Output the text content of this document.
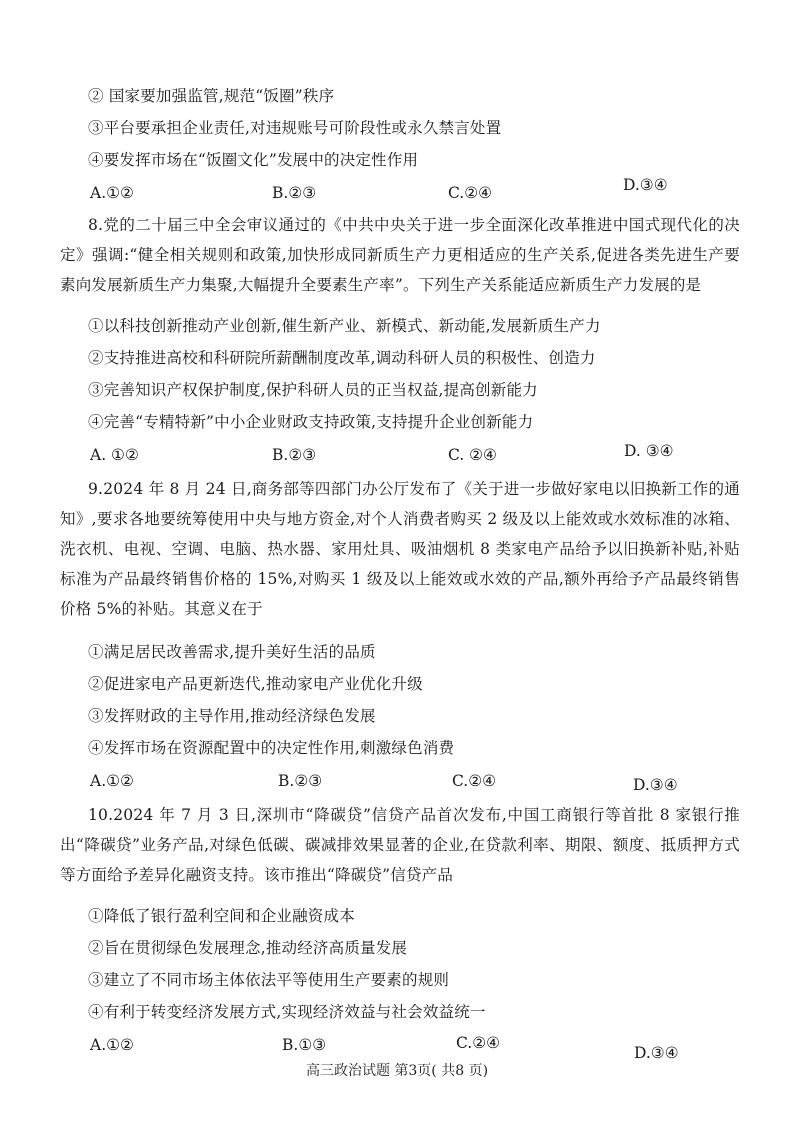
② 国家要加强监管,规范“饭圈”秩序
③平台要承担企业责任,对违规账号可阶段性或永久禁言处置
④要发挥市场在“饭圈文化”发展中的决定性作用
A.①②	B.②③	C.②④	D.③④
8.党的二十届三中全会审议通过的《中共中央关于进一步全面深化改革推进中国式现代化的决定》强调:“健全相关规则和政策,加快形成同新质生产力更相适应的生产关系,促进各类先进生产要素向发展新质生产力集聚,大幅提升全要素生产率”。下列生产关系能适应新质生产力发展的是
①以科技创新推动产业创新,催生新产业、新模式、新动能,发展新质生产力
②支持推进高校和科研院所薪酬制度改革,调动科研人员的积极性、创造力
③完善知识产权保护制度,保护科研人员的正当权益,提高创新能力
④完善“专精特新”中小企业财政支持政策,支持提升企业创新能力
A. ①②	B.②③	C. ②④	D. ③④
9.2024 年 8 月 24 日,商务部等四部门办公厅发布了《关于进一步做好家电以旧换新工作的通知》,要求各地要统筹使用中央与地方资金,对个人消费者购买 2 级及以上能效或水效标准的冰箱、洗衣机、电视、空调、电脑、热水器、家用灶具、吸油烟机 8 类家电产品给予以旧换新补贴,补贴标准为产品最终销售价格的 15%,对购买 1 级及以上能效或水效的产品,额外再给予产品最终销售价格 5%的补贴。其意义在于
①满足居民改善需求,提升美好生活的品质
②促进家电产品更新迭代,推动家电产业优化升级
③发挥财政的主导作用,推动经济绿色发展
④发挥市场在资源配置中的决定性作用,刺激绿色消费
A.①②	B.②③	C.②④	D.③④
10.2024 年 7 月 3 日,深圳市“降碳贷”信贷产品首次发布,中国工商银行等首批 8 家银行推出“降碳贷”业务产品,对绿色低碳、碳减排效果显著的企业,在贷款利率、期限、额度、抵质押方式等方面给予差异化融资支持。该市推出“降碳贷”信贷产品
①降低了银行盈利空间和企业融资成本
②旨在贯彻绿色发展理念,推动经济高质量发展
③建立了不同市场主体依法平等使用生产要素的规则
④有利于转变经济发展方式,实现经济效益与社会效益统一
A.①②	B.①③	C.②④
D.③④
高三政治试题 第3页( 共8 页)
